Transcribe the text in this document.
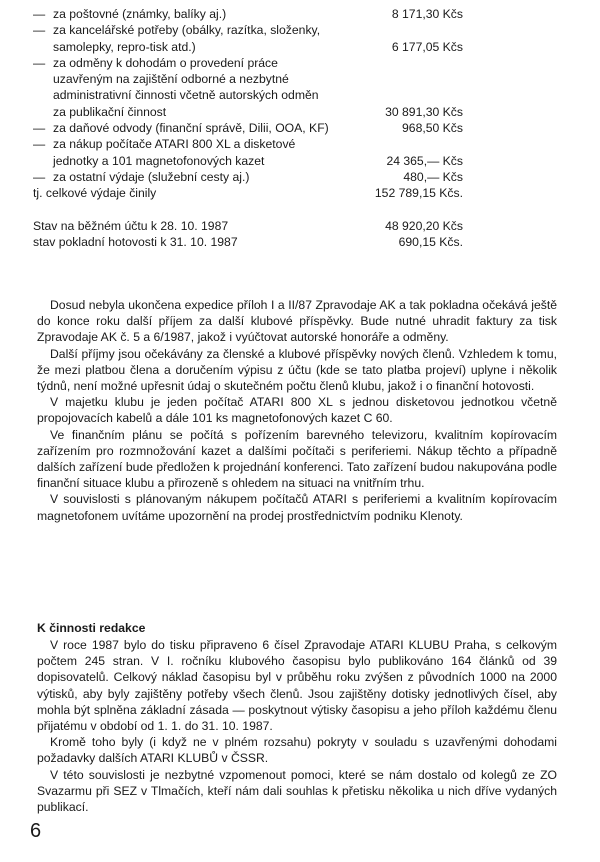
— za poštovné (známky, balíky aj.)	8 171,30 Kčs
— za kancelářské potřeby (obálky, razítka, složenky, samolepky, repro-tisk atd.)	6 177,05 Kčs
— za odměny k dohodám o provedení práce uzavřeným na zajištění odborné a nezbytné administrativní činnosti včetně autorských odměn za publikační činnost	30 891,30 Kčs
— za daňové odvody (finanční správě, Dilii, OOA, KF)	968,50 Kčs
— za nákup počítače ATARI 800 XL a disketové jednotky a 101 magnetofonových kazet	24 365,— Kčs
— za ostatní výdaje (služební cesty aj.)	480,— Kčs
tj. celkové výdaje činily	152 789,15 Kčs.
Stav na běžném účtu k 28. 10. 1987	48 920,20 Kčs
stav pokladní hotovosti k 31. 10. 1987	690,15 Kčs.

Dosud nebyla ukončena expedice příloh I a II/87 Zpravodaje AK a tak pokladna očekává ještě do konce roku další příjem za další klubové příspěvky. Bude nutné uhradit faktury za tisk Zpravodaje AK č. 5 a 6/1987, jakož i vyúčtovat autorské honoráře a odměny.

Další příjmy jsou očekávány za členské a klubové příspěvky nových členů. Vzhledem k tomu, že mezi platbou člena a doručením výpisu z účtu (kde se tato platba projeví) uplyne i několik týdnů, není možné upřesnit údaj o skutečném počtu členů klubu, jakož i o finanční hotovosti.

V majetku klubu je jeden počítač ATARI 800 XL s jednou disketovou jednotkou včetně propojovacích kabelů a dále 101 ks magnetofonových kazet C 60.

Ve finančním plánu se počítá s pořízením barevného televizoru, kvalitním kopírovacím zařízením pro rozmnožování kazet a dalšími počítači s periferiemi. Nákup těchto a případně dalších zařízení bude předložen k projednání konferenci. Tato zařízení budou nakupována podle finanční situace klubu a přirozeně s ohledem na situaci na vnitřním trhu.

V souvislosti s plánovaným nákupem počítačů ATARI s periferiemi a kvalitním kopírovacím magnetofonem uvítáme upozornění na prodej prostřednictvím podniku Klenoty.

K činnosti redakce

V roce 1987 bylo do tisku připraveno 6 čísel Zpravodaje ATARI KLUBU Praha, s celkovým počtem 245 stran. V I. ročníku klubového časopisu bylo publikováno 164 článků od 39 dopisovatelů. Celkový náklad časopisu byl v průběhu roku zvýšen z původních 1000 na 2000 výtisků, aby byly zajištěny potřeby všech členů. Jsou zajištěny dotisky jednotlivých čísel, aby mohla být splněna základní zásada — poskytnout výtisky časopisu a jeho příloh každému členu přijatému v období od 1. 1. do 31. 10. 1987.

Kromě toho byly (i když ne v plném rozsahu) pokryty v souladu s uzavřenými dohodami požadavky dalších ATARI KLUBŮ v ČSSR.

V této souvislosti je nezbytné vzpomenout pomoci, které se nám dostalo od kolegů ze ZO Svazarmu při SEZ v Tlmačích, kteří nám dali souhlas k přetisku několika u nich dříve vydaných publikací.

6
